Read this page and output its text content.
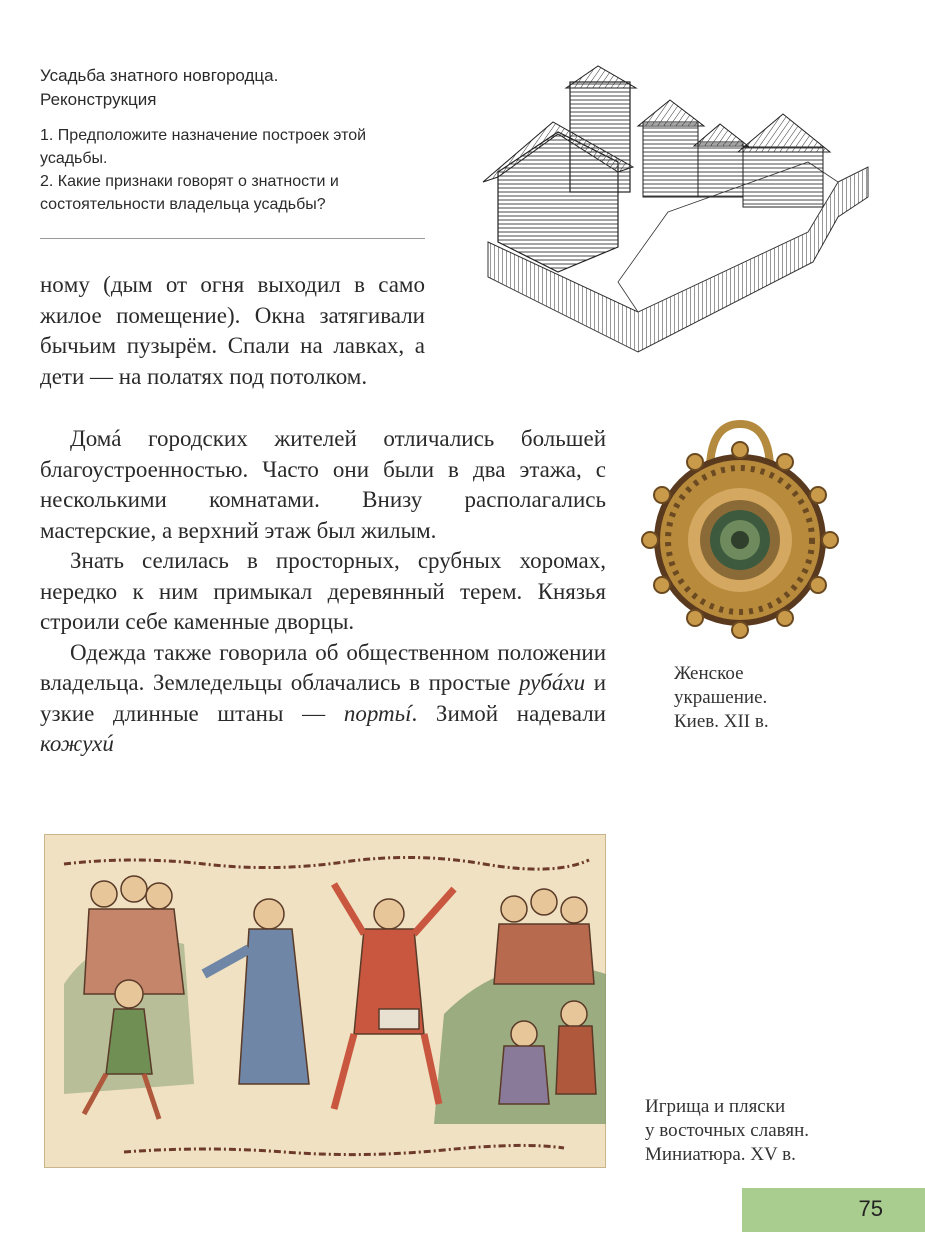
Усадьба знатного новгородца.
Реконструкция

1. Предположите назначение построек этой усадьбы.

2. Какие признаки говорят о знатности и состоятельности владельца усадьбы?

нoму (дым от огня выходил в само жилое помещение). Окна затягивали бычьим пузырём. Спали на лавках, а дети — на полатях под потолком.

Домá городских жителей отличались большей благоустроенностью. Часто они были в два этажа, с несколькими комнатами. Внизу располагались мастерские, а верхний этаж был жилым.

Знать селилась в просторных, срубных хоромах, нередко к ним примыкал деревянный терем. Князья строили себе каменные дворцы.

Одежда также говорила об общественном положении владельца. Земледельцы облачались в простые рубáхи и узкие длинные штаны — портьí. Зимой надевали кожухú

Женское
украшение.
Киев. XII в.
Игрища и пляски
у восточных славян.
Миниатюра. XV в.
75
